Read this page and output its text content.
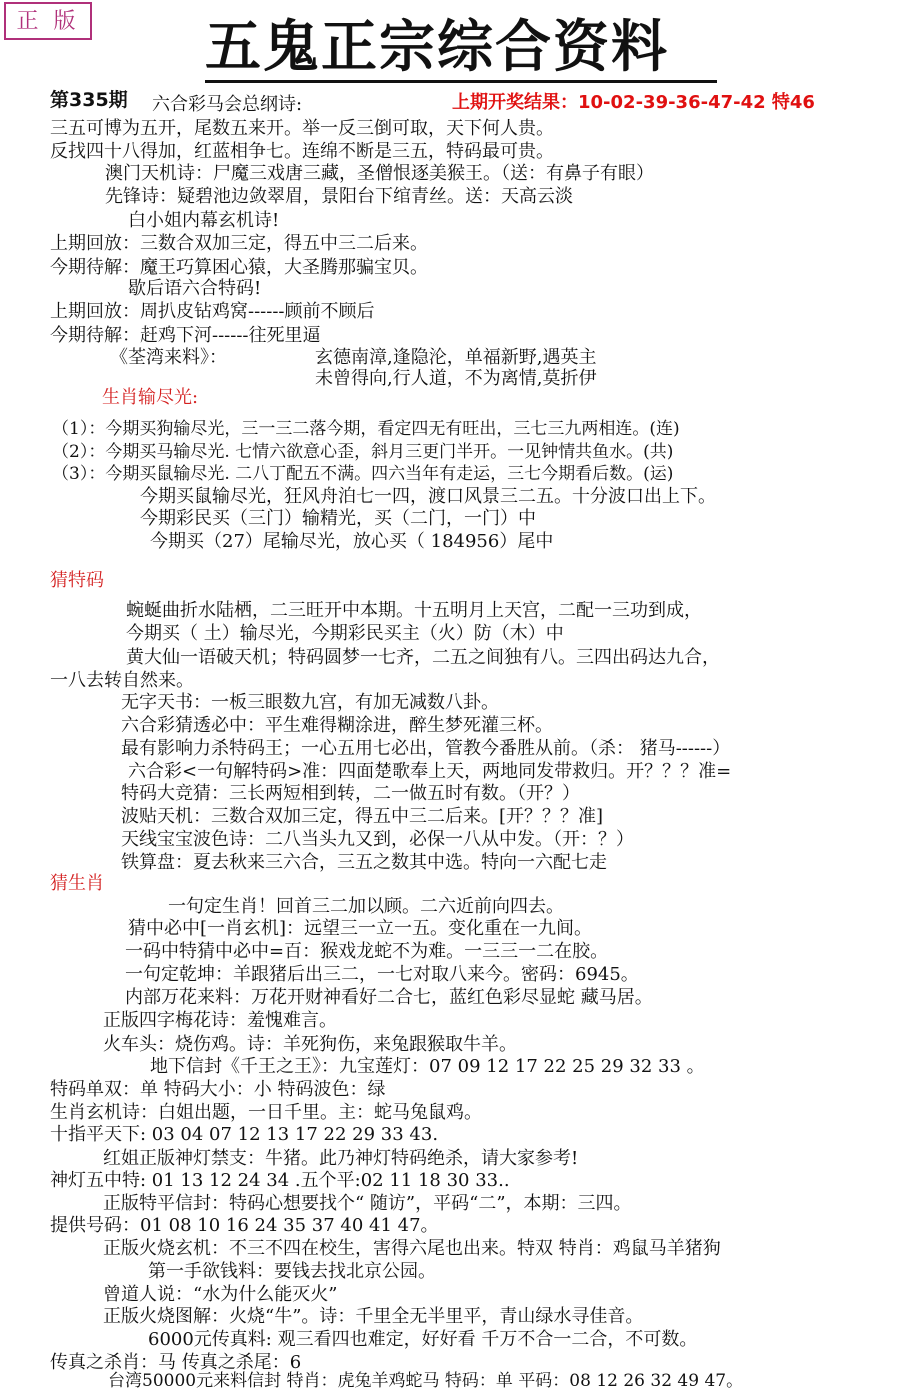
正 版 五鬼正宗综合资料
第335期	上期开奖结果：10-02-39-36-47-42 特46
六合彩马会总纲诗:
三五可博为五开，尾数五来开。举一反三倒可取，天下何人贵。
反找四十八得加，红蓝相争七。连绵不断是三五，特码最可贵。
澳门天机诗：尸魔三戏唐三藏，圣僧恨逐美猴王。（送：有鼻子有眼）
先锋诗：疑碧池边敛翠眉，景阳台下绾青丝。送：天高云淡
白小姐内幕玄机诗!
上期回放：三数合双加三定，得五中三二后来。
今期待解：魔王巧算困心猿，大圣腾那骗宝贝。
歇后语六合特码!
上期回放：周扒皮钻鸡窝------顾前不顾后
今期待解：赶鸡下河------往死里逼
《荃湾来料》：	玄德南漳,逢隐沦，单福新野,遇英主
未曾得向,行人道，不为离情,莫折伊
生肖输尽光:
（1）：今期买狗输尽光，三一三二落今期，看定四无有旺出，三七三九两相连。(连)
（2）：今期买马输尽光. 七情六欲意心歪，斜月三更门半开。一见钟情共鱼水。(共)
（3）：今期买鼠输尽光. 二八丁配五不满。四六当年有走运，三七今期看后数。(运)
今期买鼠输尽光，狂风舟泊七一四，渡口风景三二五。十分波口出上下。
今期彩民买（三门）输精光，买（二门，一门）中
今期买（27）尾输尽光，放心买（ 184956）尾中
猜特码
蜿蜒曲折水陆栖，二三旺开中本期。十五明月上天宫，二配一三功到成，
今期买（ 土）输尽光，今期彩民买主（火）防（木）中
黄大仙一语破天机；特码圆梦一七齐，二五之间独有八。三四出码达九合，
一八去转自然来。
无字天书：一板三眼数九宫，有加无减数八卦。
六合彩猜透必中：平生难得糊涂进，醉生梦死灌三杯。
最有影响力杀特码王；一心五用七必出，管教今番胜从前。（杀： 猪马------）
六合彩<一句解特码>准：四面楚歌奉上天，两地同发带救归。开？？？准=
特码大竞猜：三长两短相到转，二一做五时有数。（开？）
波贴天机：三数合双加三定，得五中三二后来。[开？？？准]
天线宝宝波色诗：二八当头九又到，必保一八从中发。（开：？）
铁算盘：夏去秋来三六合，三五之数其中选。特向一六配七走
猜生肖
一句定生肖！回首三二加以顾。二六近前向四去。
猜中必中[一肖玄机]：远望三一立一五。变化重在一九间。
一码中特猜中必中=百：猴戏龙蛇不为难。一三三一二在胶。
一句定乾坤：羊跟猪后出三二，一七对取八来今。密码：6945。
内部万花来料：万花开财神看好二合七，蓝红色彩尽显蛇 藏马居。
正版四字梅花诗：羞愧难言。
火车头：烧伤鸡。诗：羊死狗伤，来兔跟猴取牛羊。
地下信封《千王之王》：九宝莲灯：07 09 12 17 22 25 29 32 33 。
特码单双：单 特码大小：小 特码波色：绿
生肖玄机诗：白姐出题，一日千里。主：蛇马兔鼠鸡。
十指平天下: 03 04 07 12 13 17 22 29 33 43.
红姐正版神灯禁支：牛猪。此乃神灯特码绝杀，请大家参考!
神灯五中特: 01 13 12 24 34 .五个平:02 11 18 30 33..
正版特平信封：特码心想要找个“ 随访”，平码“二”，本期：三四。
提供号码：01 08 10 16 24 35 37 40 41 47。
正版火烧玄机：不三不四在校生，害得六尾也出来。特双 特肖：鸡鼠马羊猪狗
第一手欲钱料：要钱去找北京公园。
曾道人说：“水为什么能灭火”
正版火烧图解：火烧“牛”。诗：千里全无半里平，青山绿水寻佳音。
6000元传真料: 观三看四也难定，好好看 千万不合一二合，不可数。
传真之杀肖：马 传真之杀尾：6
台湾50000元来料信封 特肖：虎兔羊鸡蛇马 特码：单 平码：08 12 26 32 49 47。
